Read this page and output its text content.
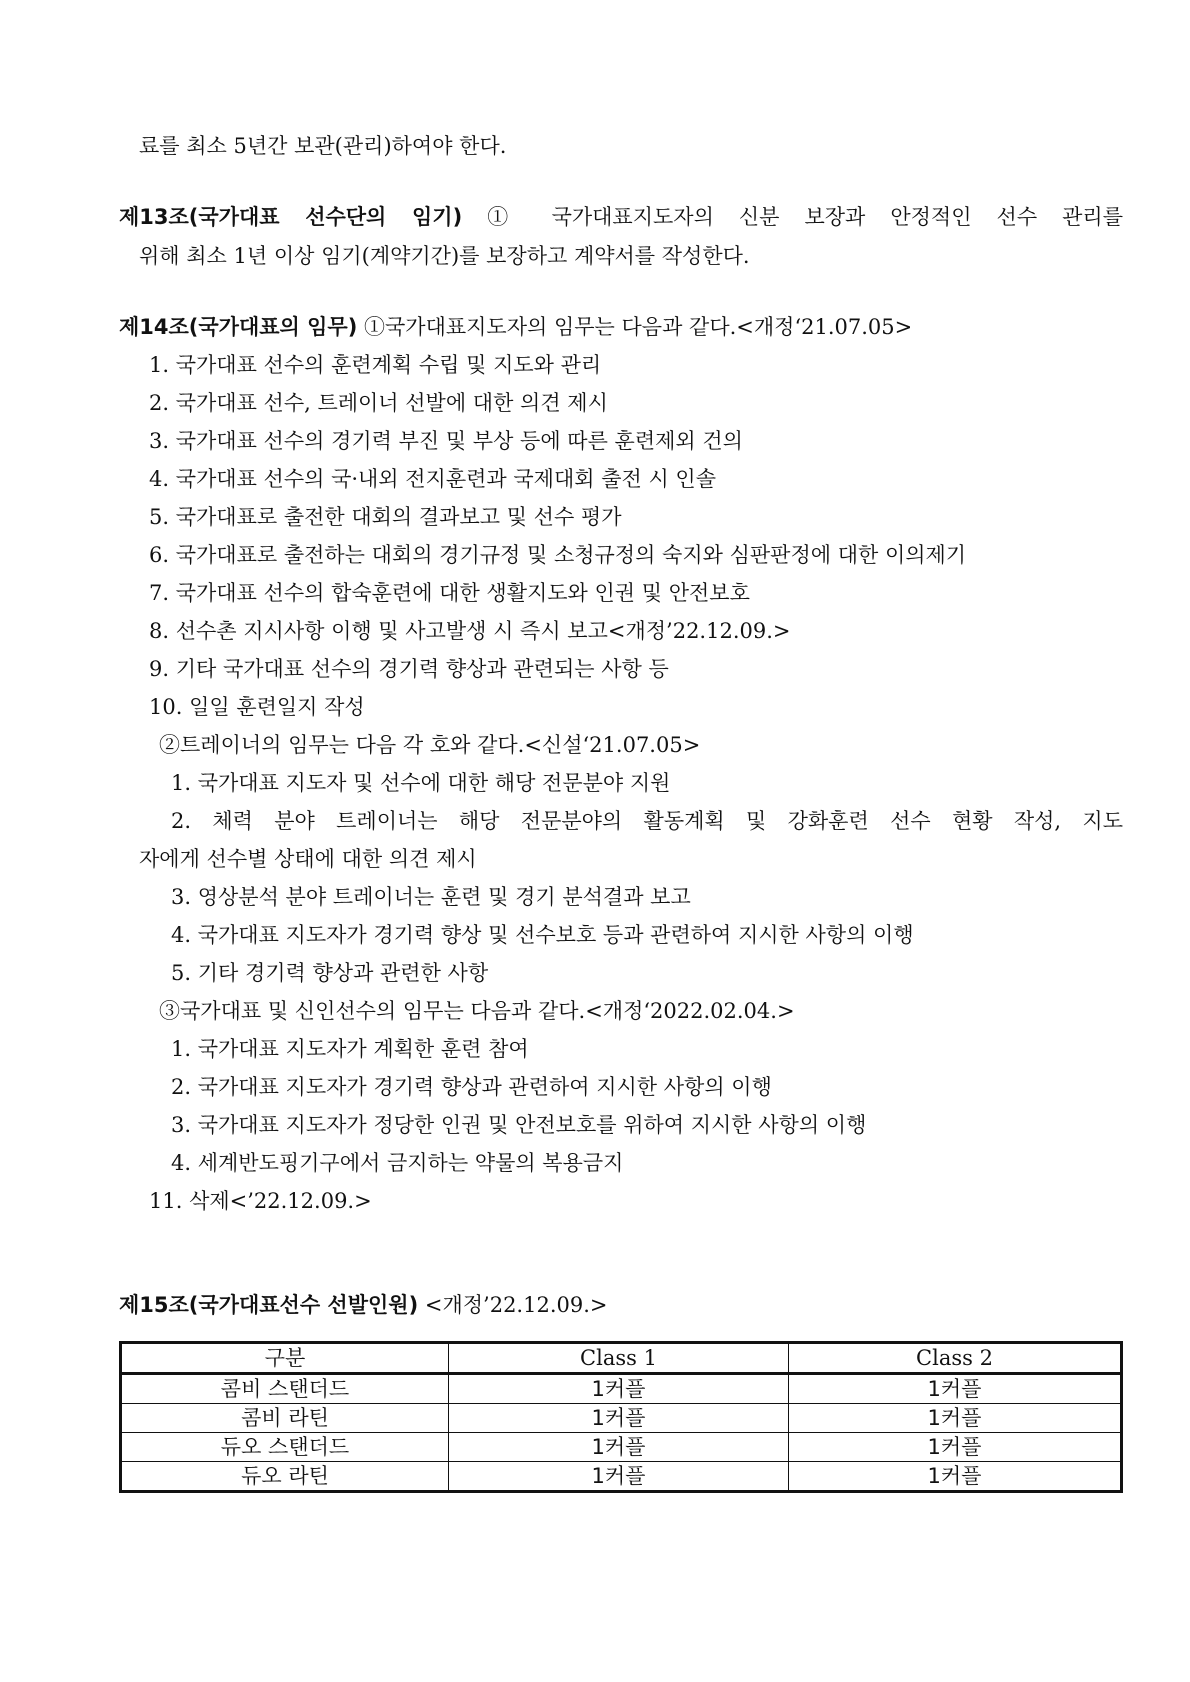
료를 최소 5년간 보관(관리)하여야 한다.
제13조(국가대표 선수단의 임기) ① 국가대표지도자의 신분 보장과 안정적인 선수 관리를
위해 최소 1년 이상 임기(계약기간)를 보장하고 계약서를 작성한다.
제14조(국가대표의 임무) ①국가대표지도자의 임무는 다음과 같다.<개정‘21.07.05>
1. 국가대표 선수의 훈련계획 수립 및 지도와 관리
2. 국가대표 선수, 트레이너 선발에 대한 의견 제시
3. 국가대표 선수의 경기력 부진 및 부상 등에 따른 훈련제외 건의
4. 국가대표 선수의 국·내외 전지훈련과 국제대회 출전 시 인솔
5. 국가대표로 출전한 대회의 결과보고 및 선수 평가
6. 국가대표로 출전하는 대회의 경기규정 및 소청규정의 숙지와 심판판정에 대한 이의제기
7. 국가대표 선수의 합숙훈련에 대한 생활지도와 인권 및 안전보호
8. 선수촌 지시사항 이행 및 사고발생 시 즉시 보고<개정’22.12.09.>
9. 기타 국가대표 선수의 경기력 향상과 관련되는 사항 등
10. 일일 훈련일지 작성
②트레이너의 임무는 다음 각 호와 같다.<신설‘21.07.05>
1. 국가대표 지도자 및 선수에 대한 해당 전문분야 지원
2. 체력 분야 트레이너는 해당 전문분야의 활동계획 및 강화훈련 선수 현황 작성, 지도
자에게 선수별 상태에 대한 의견 제시
3. 영상분석 분야 트레이너는 훈련 및 경기 분석결과 보고
4. 국가대표 지도자가 경기력 향상 및 선수보호 등과 관련하여 지시한 사항의 이행
5. 기타 경기력 향상과 관련한 사항
③국가대표 및 신인선수의 임무는 다음과 같다.<개정‘2022.02.04.>
1. 국가대표 지도자가 계획한 훈련 참여
2. 국가대표 지도자가 경기력 향상과 관련하여 지시한 사항의 이행
3. 국가대표 지도자가 정당한 인권 및 안전보호를 위하여 지시한 사항의 이행
4. 세계반도핑기구에서 금지하는 약물의 복용금지
11. 삭제<’22.12.09.>
제15조(국가대표선수 선발인원) <개정’22.12.09.>
구분	Class 1	Class 2
콤비 스탠더드	1커플	1커플
콤비 라틴	1커플	1커플
듀오 스탠더드	1커플	1커플
듀오 라틴	1커플	1커플
